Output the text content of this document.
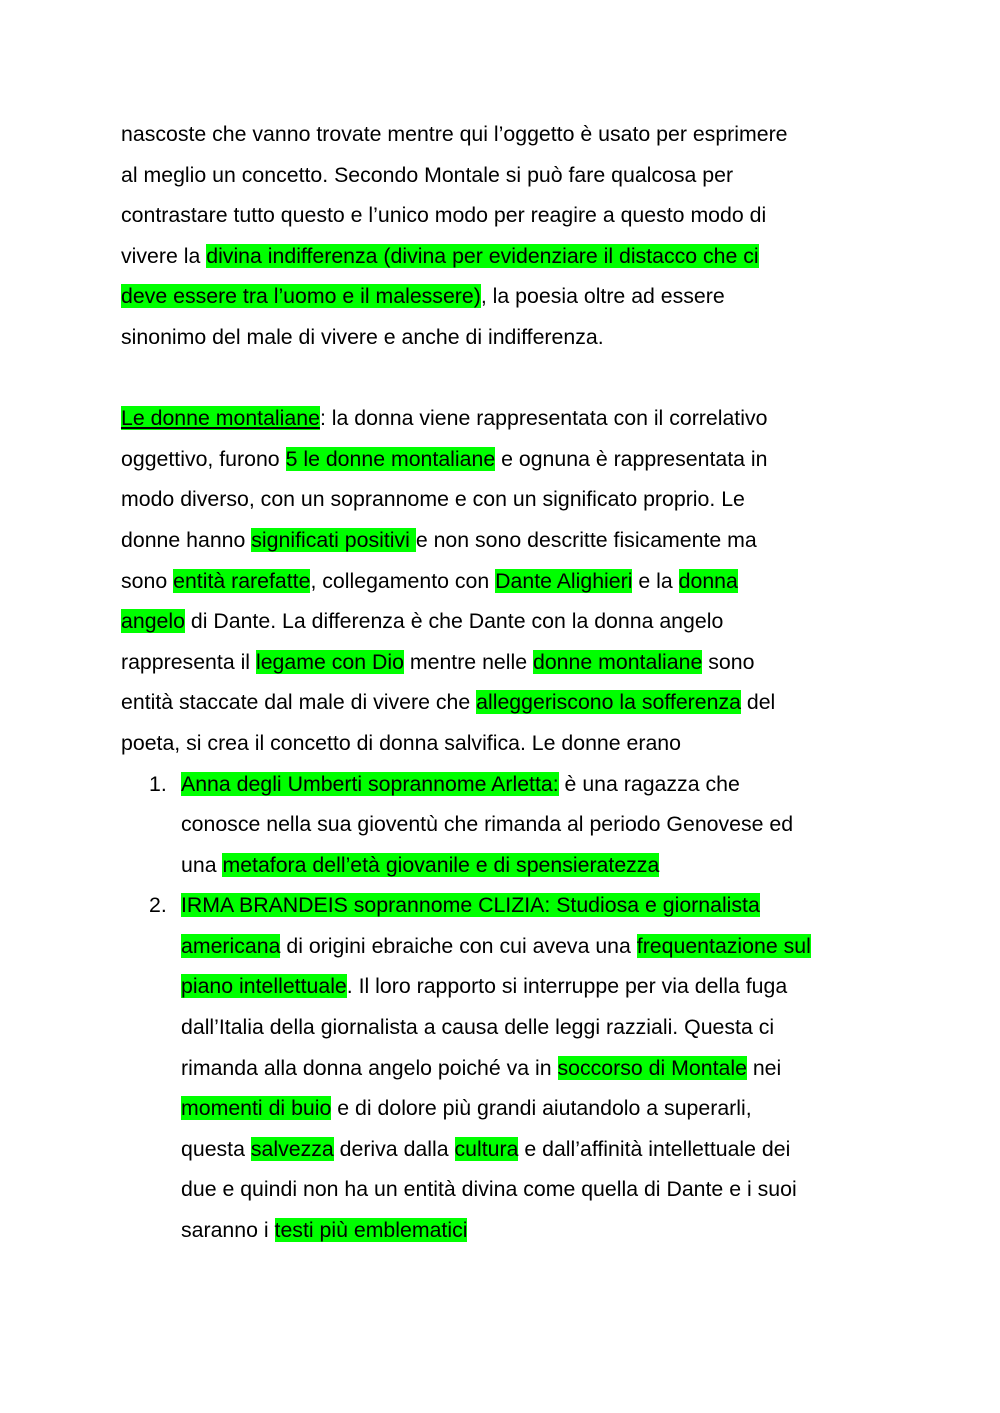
nascoste che vanno trovate mentre qui l’oggetto è usato per esprimere
al meglio un concetto. Secondo Montale si può fare qualcosa per
contrastare tutto questo e l’unico modo per reagire a questo modo di
vivere la divina indifferenza (divina per evidenziare il distacco che ci
deve essere tra l’uomo e il malessere), la poesia oltre ad essere
sinonimo del male di vivere e anche di indifferenza.
Le donne montaliane: la donna viene rappresentata con il correlativo
oggettivo, furono 5 le donne montaliane e ognuna è rappresentata in
modo diverso, con un soprannome e con un significato proprio. Le
donne hanno significati positivi e non sono descritte fisicamente ma
sono entità rarefatte, collegamento con Dante Alighieri e la donna
angelo di Dante. La differenza è che Dante con la donna angelo
rappresenta il legame con Dio mentre nelle donne montaliane sono
entità staccate dal male di vivere che alleggeriscono la sofferenza del
poeta, si crea il concetto di donna salvifica. Le donne erano
1. Anna degli Umberti soprannome Arletta: è una ragazza che
conosce nella sua gioventù che rimanda al periodo Genovese ed
una metafora dell’età giovanile e di spensieratezza
2. IRMA BRANDEIS soprannome CLIZIA: Studiosa e giornalista
americana di origini ebraiche con cui aveva una frequentazione sul
piano intellettuale. Il loro rapporto si interruppe per via della fuga
dall’Italia della giornalista a causa delle leggi razziali. Questa ci
rimanda alla donna angelo poiché va in soccorso di Montale nei
momenti di buio e di dolore più grandi aiutandolo a superarli,
questa salvezza deriva dalla cultura e dall’affinità intellettuale dei
due e quindi non ha un entità divina come quella di Dante e i suoi
saranno i testi più emblematici
